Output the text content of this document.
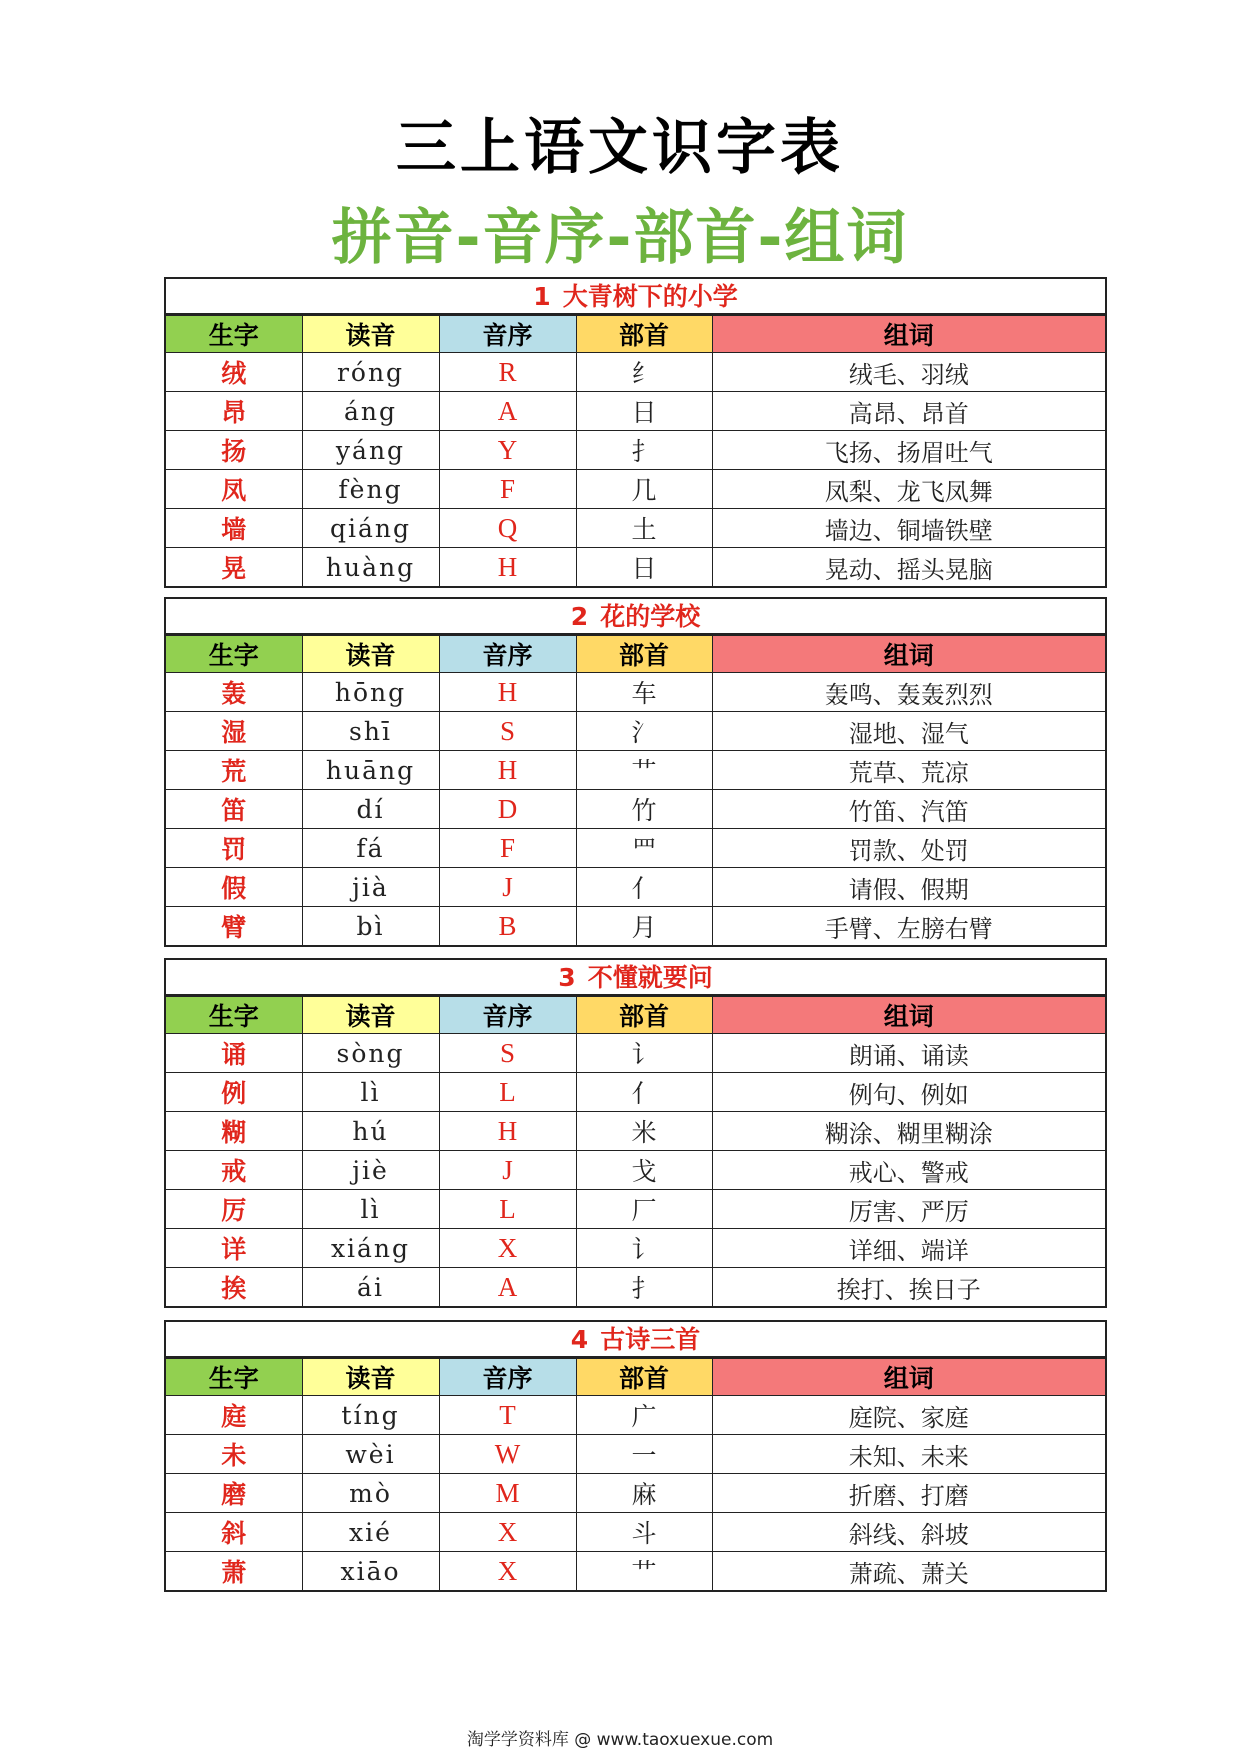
三上语文识字表
拼音-音序-部首-组词
1 大青树下的小学
生字	读音	音序	部首	组词
绒	róng	R	纟	绒毛、羽绒
昂	áng	A	日	高昂、昂首
扬	yáng	Y	扌	飞扬、扬眉吐气
凤	fèng	F	几	凤梨、龙飞凤舞
墙	qiáng	Q	土	墙边、铜墙铁壁
晃	huàng	H	日	晃动、摇头晃脑
2 花的学校
生字	读音	音序	部首	组词
轰	hōng	H	车	轰鸣、轰轰烈烈
湿	shī	S	氵	湿地、湿气
荒	huāng	H	艹	荒草、荒凉
笛	dí	D	竹	竹笛、汽笛
罚	fá	F	罒	罚款、处罚
假	jià	J	亻	请假、假期
臂	bì	B	月	手臂、左膀右臂
3 不懂就要问
生字	读音	音序	部首	组词
诵	sòng	S	讠	朗诵、诵读
例	lì	L	亻	例句、例如
糊	hú	H	米	糊涂、糊里糊涂
戒	jiè	J	戈	戒心、警戒
厉	lì	L	厂	厉害、严厉
详	xiáng	X	讠	详细、端详
挨	ái	A	扌	挨打、挨日子
4 古诗三首
生字	读音	音序	部首	组词
庭	tíng	T	广	庭院、家庭
未	wèi	W	一	未知、未来
磨	mò	M	麻	折磨、打磨
斜	xié	X	斗	斜线、斜坡
萧	xiāo	X	艹	萧疏、萧关
淘学学资料库 @ www.taoxuexue.com
